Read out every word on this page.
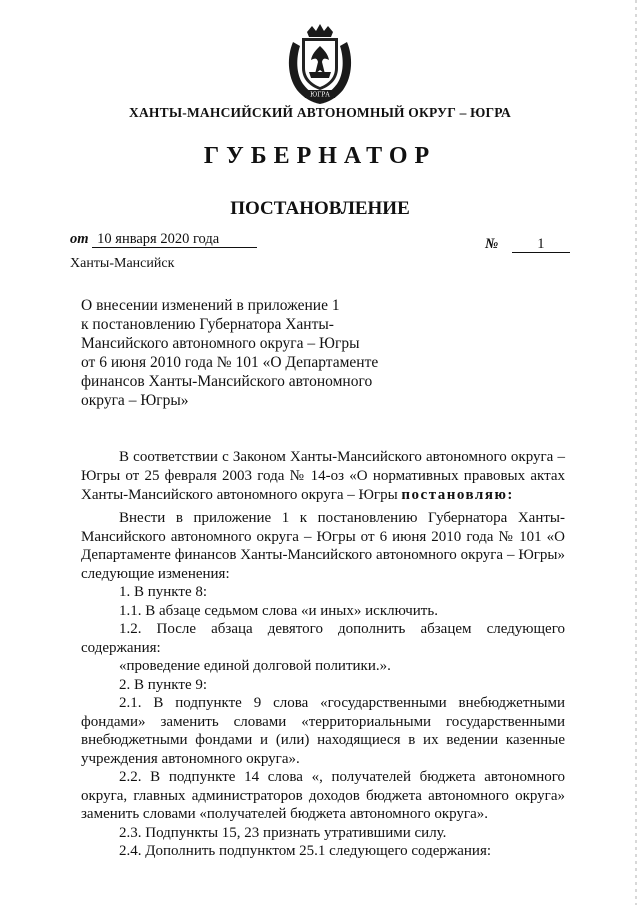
ЮГРА
ХАНТЫ-МАНСИЙСКИЙ АВТОНОМНЫЙ ОКРУГ – ЮГРА
ГУБЕРНАТОР
ПОСТАНОВЛЕНИЕ
от 10 января 2020 года	№	1
Ханты-Мансийск
О внесении изменений в приложение 1
к постановлению Губернатора Ханты-
Мансийского автономного округа – Югры
от 6 июня 2010 года № 101 «О Департаменте
финансов Ханты-Мансийского автономного
округа – Югры»

В соответствии с Законом Ханты-Мансийского автономного округа – Югры от 25 февраля 2003 года № 14-оз «О нормативных правовых актах Ханты-Мансийского автономного округа – Югры постановляю:

Внести в приложение 1 к постановлению Губернатора Ханты-Мансийского автономного округа – Югры от 6 июня 2010 года № 101 «О Департаменте финансов Ханты-Мансийского автономного округа – Югры» следующие изменения:

1. В пункте 8:

1.1. В абзаце седьмом слова «и иных» исключить.

1.2. После абзаца девятого дополнить абзацем следующего содержания:

«проведение единой долговой политики.».

2. В пункте 9:

2.1. В подпункте 9 слова «государственными внебюджетными фондами» заменить словами «территориальными государственными внебюджетными фондами и (или) находящиеся в их ведении казенные учреждения автономного округа».

2.2. В подпункте 14 слова «, получателей бюджета автономного округа, главных администраторов доходов бюджета автономного округа» заменить словами «получателей бюджета автономного округа».

2.3. Подпункты 15, 23 признать утратившими силу.

2.4. Дополнить подпунктом 25.1 следующего содержания:
